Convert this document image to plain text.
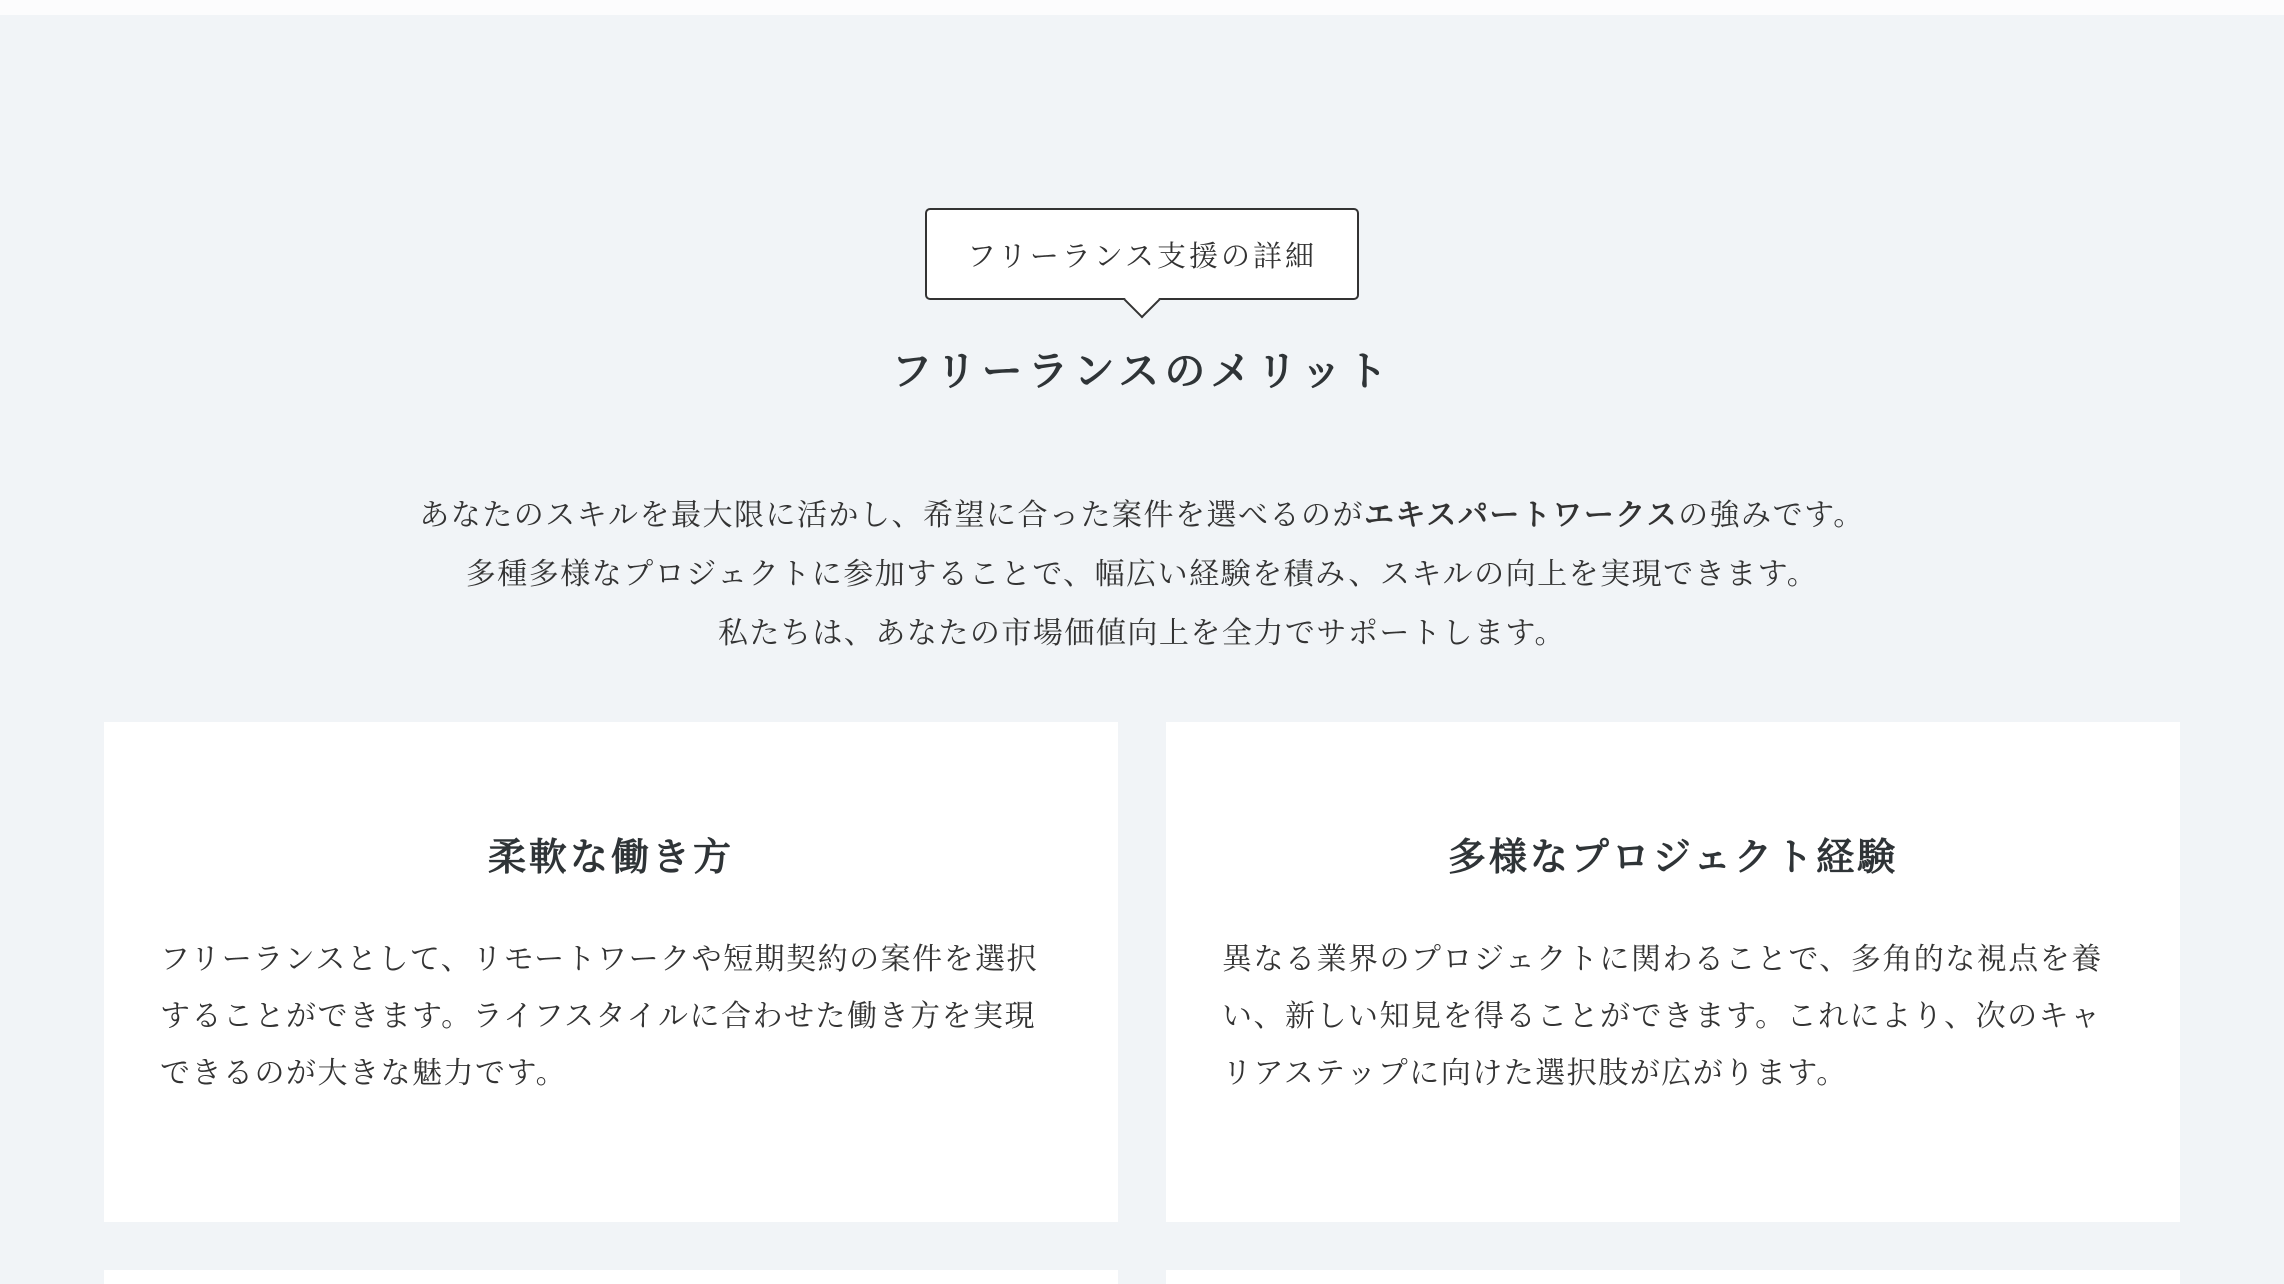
フリーランス支援の詳細
フリーランスのメリット
あなたのスキルを最大限に活かし、希望に合った案件を選べるのがエキスパートワークスの強みです。
多種多様なプロジェクトに参加することで、幅広い経験を積み、スキルの向上を実現できます。
私たちは、あなたの市場価値向上を全力でサポートします。
柔軟な働き方

フリーランスとして、リモートワークや短期契約の案件を選択することができます。ライフスタイルに合わせた働き方を実現できるのが大きな魅力です。

多様なプロジェクト経験

異なる業界のプロジェクトに関わることで、多角的な視点を養い、新しい知見を得ることができます。これにより、次のキャリアステップに向けた選択肢が広がります。
